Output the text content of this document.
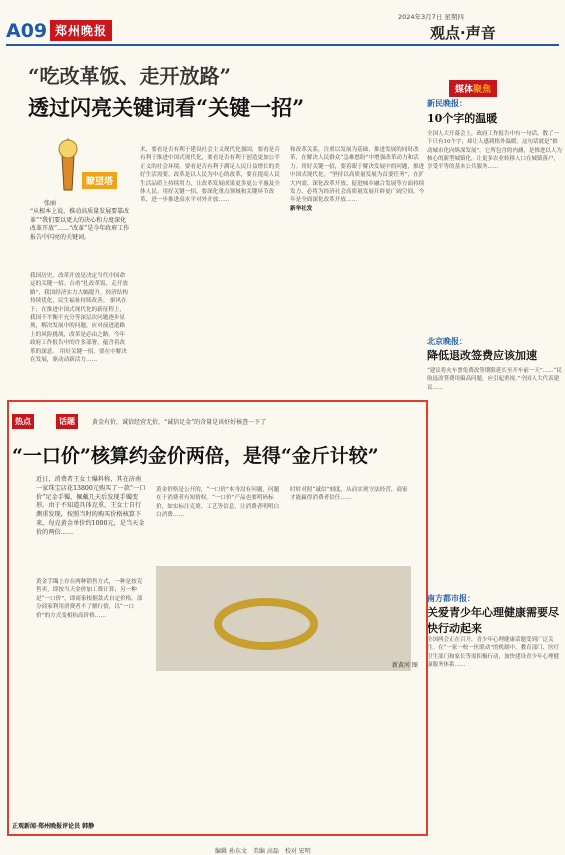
A09 郑州晚报
2024年3月7日 星期四
观点·声音
“吃改革饭、走开放路”
透过闪亮关键词看“关键一招”
瞭望塔
张丽
“从根本上说，推动高质量发展要靠改革”“我们要以更大的决心和力度深化改革开放”……“改革”是今年政府工作报告中闪亮的关键词。
我国历史，改革开放是决定当代中国命运的关键一招。吉甫“扎改革饭、走开放路”，我国经济实力大幅提升，经济结构持续优化，民生福祉持续改善。 驱风在下，在推进中国式现代化的新征程上，我国不平衡不充分等深层次问题逐步显现，解决发展中的问题，应对前进道路上的风险挑战，改革是必由之路。今年政府工作报告中的许多部署，蕴含着改革的深意。 用好关键一招，要在中解决在发展，驱动动新活力……
术，要看是否有利于建设社会主义现代化强国，要看是否有利于推进中国式现代化，要看是否有利于创造更加公平正义的社会环境，要看是否有利于满足人民日益增长的美好生活需要。改革是以人民为中心的改革，要在提高人民生活品质上持续用力，让改革发展成果更多更公平惠及全体人民。用好关键一招，要深化重点领域和关键环节改革，进一步推进高水平对外开放……
和改革关系，注重以发展为基础，推进发展的同时改革，在解决人民群众“急难愁盼”中增强改革动力和活力。用好关键一招，要着眼于解决发展中的问题，推进中国式现代化。“坚持以高质量发展为首要任务”，在扩大内需、深化改革开放、促进城乡融合发展等方面持续发力，必将为经济社会高质量发展开辟更广阔空间。今年是全面深化改革开放……
新华社发
媒体聚焦
新民晚报：
10个字的温暖
全国人大开幕会上，政府工作报告中有一句话，数了一下只有10个字，却让人感到格外温暖。这句话就是“推动城市化向纵深发展”。它所包含的内涵，是推进以人为核心的新型城镇化，让更多农业转移人口在城镇落户，享受平等的基本公共服务……
北京晚报：
降低退改签费应该加速
“建议将火车票免费改签期限延长至开车前一天”……“民航退改签费用偏高问题，应引起重视。”全国人大代表建议……
南方都市报：
关爱青少年心理健康需要尽快行动起来
全国两会正在召开，青少年心理健康话题受到广泛关注。在“一家一校一医联动”的机制中，教育部门、医疗卫生部门和家长等需积极行动，加快建设青少年心理健康服务体系……
热点	话题	黄金有价，诚信经营无价，“诚信足金”的含量是该好好核查一下了
“一口价”核算约金价两倍，是得“金斤计较”
近日，消费者王女士爆料称，其在济南一家珠宝店花13800元购买了一款“一口价”足金手镯，佩戴几天后发现手镯变形。由于不知道具体克重，王女士自行测重发现，按照当时的购买价格核算下来，每克黄金单价约1000元，是当天金价的两倍……
黄金手镯上存在两种销售方式，一种是按克售卖，即按当天金价加工费计算；另一种是“一口价”，即商家根据款式自定价格。部分商家利用消费者不了解行情，以“一口价”的方式变相抬高价格……
黄金价格是公开的，“一口价”本身没有问题，问题在于消费者有知情权。“一口价”产品也要明码标价，如实标注克重、工艺等信息，让消费者明明白白消费……
时时对照“诚信”刻度，从而实现守法经营，商家才能赢得消费者信任……
新黄河 图
正观新闻·郑州晚报评论员 韩静
编辑 孙东文　美编 高磊　校对 宏明
